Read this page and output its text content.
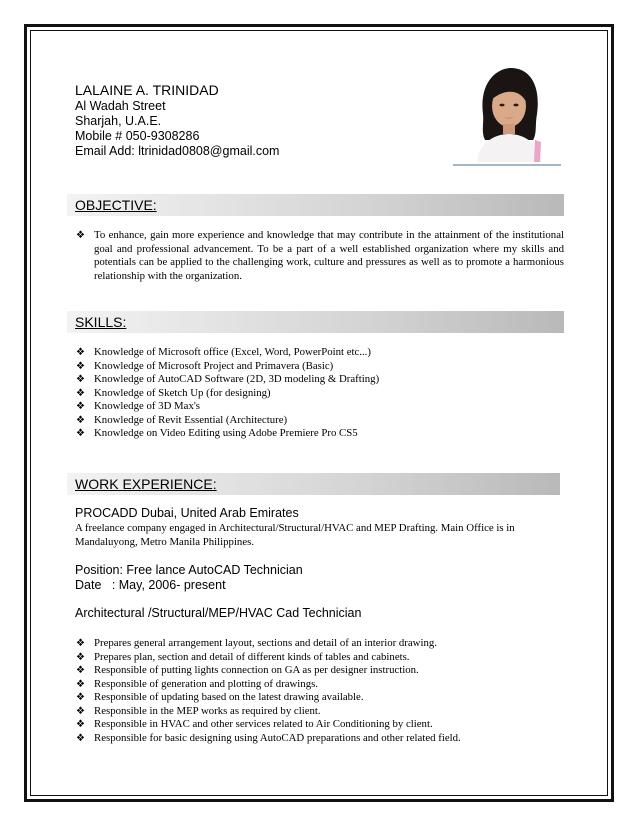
LALAINE A. TRINIDAD
Al Wadah Street
Sharjah, U.A.E.
Mobile # 050-9308286
Email Add: ltrinidad0808@gmail.com
OBJECTIVE:
❖ To enhance, gain more experience and knowledge that may contribute in the attainment of the institutional goal and professional advancement. To be a part of a well established organization where my skills and potentials can be applied to the challenging work, culture and pressures as well as to promote a harmonious relationship with the organization.
SKILLS:
❖ Knowledge of Microsoft office (Excel, Word, PowerPoint etc...)
❖ Knowledge of Microsoft Project and Primavera (Basic)
❖ Knowledge of AutoCAD Software (2D, 3D modeling & Drafting)
❖ Knowledge of Sketch Up (for designing)
❖ Knowledge of 3D Max's
❖ Knowledge of Revit Essential (Architecture)
❖ Knowledge on Video Editing using Adobe Premiere Pro CS5
WORK EXPERIENCE:
PROCADD Dubai, United Arab Emirates
A freelance company engaged in Architectural/Structural/HVAC and MEP Drafting. Main Office is in Mandaluyong, Metro Manila Philippines.
Position: Free lance AutoCAD Technician
Date   : May, 2006- present
Architectural /Structural/MEP/HVAC Cad Technician
❖ Prepares general arrangement layout, sections and detail of an interior drawing.
❖ Prepares plan, section and detail of different kinds of tables and cabinets.
❖ Responsible of putting lights connection on GA as per designer instruction.
❖ Responsible of generation and plotting of drawings.
❖ Responsible of updating based on the latest drawing available.
❖ Responsible in the MEP works as required by client.
❖ Responsible in HVAC and other services related to Air Conditioning by client.
❖ Responsible for basic designing using AutoCAD preparations and other related field.
